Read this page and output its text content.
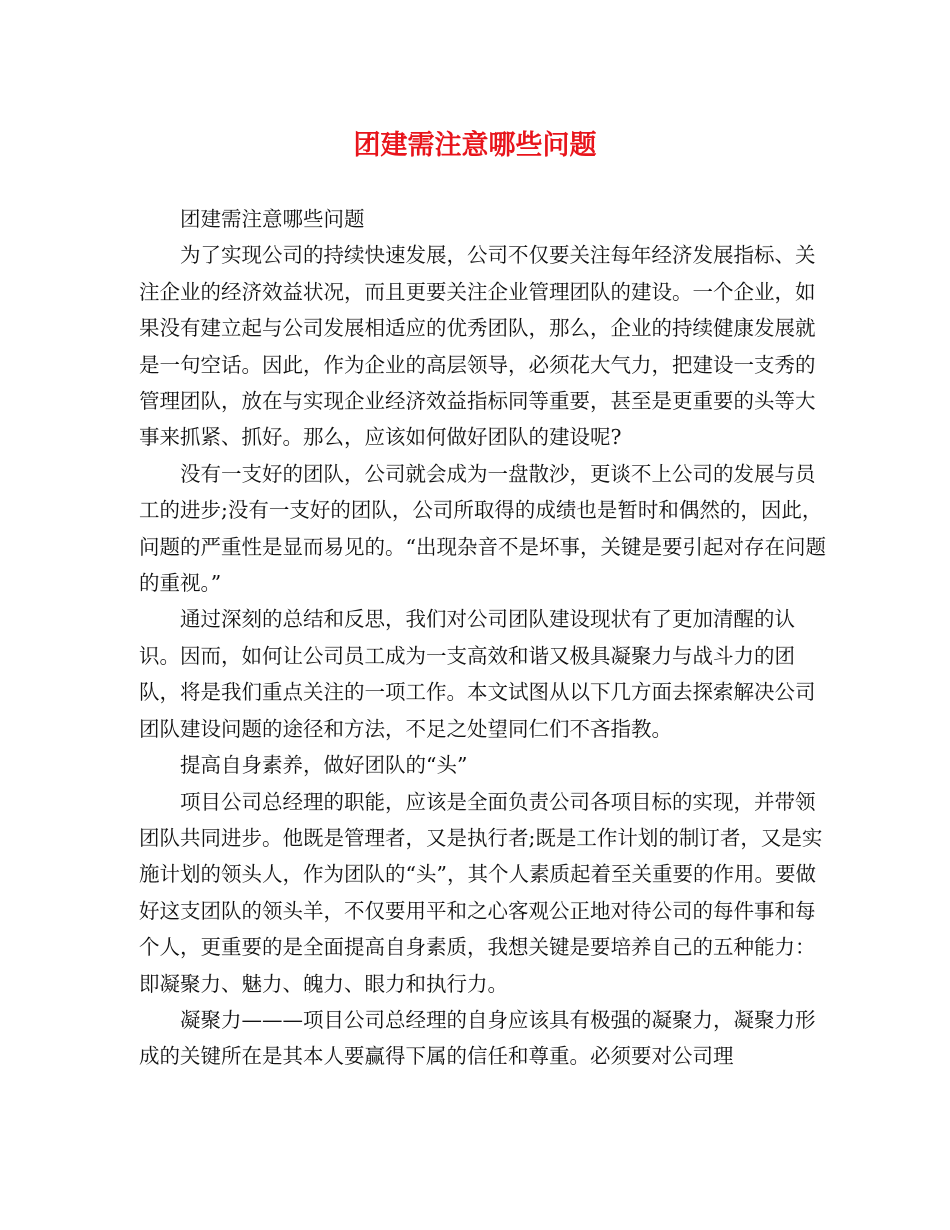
团建需注意哪些问题

团建需注意哪些问题

为了实现公司的持续快速发展，公司不仅要关注每年经济发展指标、关注企业的经济效益状况，而且更要关注企业管理团队的建设。一个企业，如果没有建立起与公司发展相适应的优秀团队，那么，企业的持续健康发展就是一句空话。因此，作为企业的高层领导，必须花大气力，把建设一支秀的管理团队，放在与实现企业经济效益指标同等重要，甚至是更重要的头等大事来抓紧、抓好。那么，应该如何做好团队的建设呢?

没有一支好的团队，公司就会成为一盘散沙，更谈不上公司的发展与员工的进步;没有一支好的团队，公司所取得的成绩也是暂时和偶然的，因此，问题的严重性是显而易见的。“出现杂音不是坏事，关键是要引起对存在问题的重视。”

通过深刻的总结和反思，我们对公司团队建设现状有了更加清醒的认识。因而，如何让公司员工成为一支高效和谐又极具凝聚力与战斗力的团队，将是我们重点关注的一项工作。本文试图从以下几方面去探索解决公司团队建设问题的途径和方法，不足之处望同仁们不吝指教。

提高自身素养，做好团队的“头”

项目公司总经理的职能，应该是全面负责公司各项目标的实现，并带领团队共同进步。他既是管理者，又是执行者;既是工作计划的制订者，又是实施计划的领头人，作为团队的“头”，其个人素质起着至关重要的作用。要做好这支团队的领头羊，不仅要用平和之心客观公正地对待公司的每件事和每个人，更重要的是全面提高自身素质，我想关键是要培养自己的五种能力：即凝聚力、魅力、魄力、眼力和执行力。

凝聚力———项目公司总经理的自身应该具有极强的凝聚力，凝聚力形成的关键所在是其本人要赢得下属的信任和尊重。必须要对公司理
